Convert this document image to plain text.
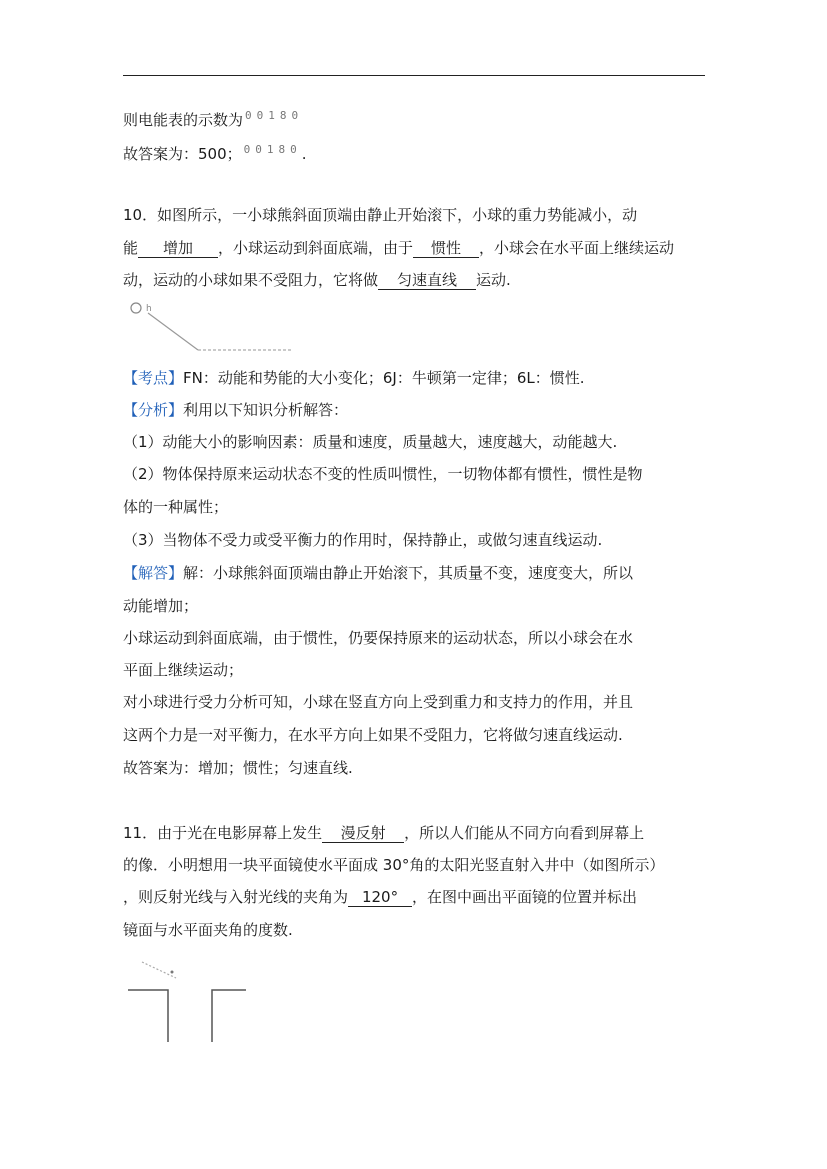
则电能表的示数为 00180
故答案为：500； 00180.
10．如图所示，一小球熊斜面顶端由静止开始滚下，小球的重力势能减小，动
能 增加 ，小球运动到斜面底端，由于 惯性 ，小球会在水平面上继续运动
动，运动的小球如果不受阻力，它将做 匀速直线 运动.
h
【考点】FN：动能和势能的大小变化；6J：牛顿第一定律；6L：惯性.
【分析】利用以下知识分析解答：
（1）动能大小的影响因素：质量和速度，质量越大，速度越大，动能越大.
（2）物体保持原来运动状态不变的性质叫惯性，一切物体都有惯性，惯性是物
体的一种属性；
（3）当物体不受力或受平衡力的作用时，保持静止，或做匀速直线运动.
【解答】解：小球熊斜面顶端由静止开始滚下，其质量不变，速度变大，所以
动能增加；
小球运动到斜面底端，由于惯性，仍要保持原来的运动状态，所以小球会在水
平面上继续运动；
对小球进行受力分析可知，小球在竖直方向上受到重力和支持力的作用，并且
这两个力是一对平衡力，在水平方向上如果不受阻力，它将做匀速直线运动.
故答案为：增加；惯性；匀速直线.
11．由于光在电影屏幕上发生 漫反射 ，所以人们能从不同方向看到屏幕上
的像．小明想用一块平面镜使水平面成 30°角的太阳光竖直射入井中（如图所示）
，则反射光线与入射光线的夹角为 120° ，在图中画出平面镜的位置并标出
镜面与水平面夹角的度数.
